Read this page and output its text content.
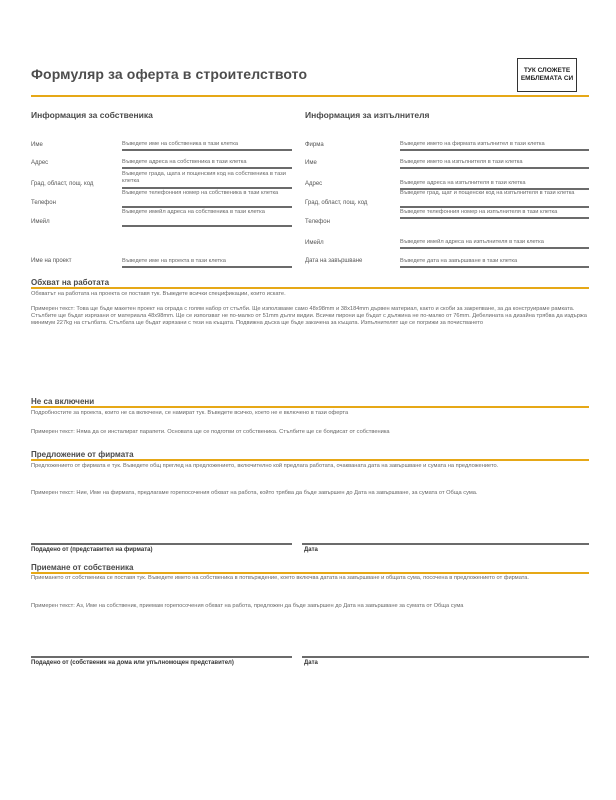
Формуляр за оферта в строителството	ТУК СЛОЖЕТЕ ЕМБЛЕМАТА СИ
Информация за собственика
Име	Въведете име на собственика в тази клетка
Адрес	Въведете адреса на собственика в тази клетка
Град, област, пощ. код
Въведете града, щата и пощенския код на собственика в тази клетка
Телефон
Въведете телефонния номер на собственика в тази клетка
Имейл
Въведете имейл адреса на собственика в тази клетка
Име на проект	Въведете име на проекта в тази клетка
Информация за изпълнителя
Фирма	Въведете името на фирмата изпълнител в тази клетка
Име	Въведете името на изпълнителя в тази клетка
Адрес	Въведете адреса на изпълнителя в тази клетка
Град, област, пощ. код
Въведете град, щат и пощенски код на изпълнителя в тази клетка
Телефон
Въведете телефонния номер на изпълнителя в тази клетка
Имейл	Въведете имейл адреса на изпълнителя в тази клетка
Дата на завършване	Въведете дата на завършване в тази клетка
Обхват на работата
Обхватът на работата на проекта се поставя тук. Въведете всички спецификации, които искате.
Примерен текст: Това ще бъде макетен проект на ограда с голям набор от стълби. Ще използваме само 48x98mm и 38x184mm дървен материал, както и скоби за закрепване, за да конструираме рамката. Стълбите ще бъдат изрязани от материала 48x98mm. Ще се използват не по-малко от 51mm дълги видии. Всички пирони ще бъдат с дължина не по-малко от 76mm. Дебелината на дизайна трябва да издържа минимум 227kg на стълбата. Стълбата ще бъдат изрязани с тези на къщата. Подвижна дъска ще бъде закачена за къщата. Изпълнителят ще се погрижи за почистването
Не са включени
Подробностите за проекта, които не са включени, се намират тук. Въведете всичко, което не е включено в тази оферта
Примерен текст: Няма да се инсталират парапети. Основата ще се подготви от собственика. Стълбите ще се боядисат от собственика
Предложение от фирмата
Предложението от фирмата е тук. Въведете общ преглед на предложението, включително кой предлага работата, очакваната дата на завършване и сумата на предложението.
Примерен текст: Ние, Име на фирмата, предлагаме горепосочения обхват на работа, който трябва да бъде завършен до Дата на завършване, за сумата от Обща сума.
Подадено от (представител на фирмата)	Дата
Приемане от собственика
Приемането от собственика се поставя тук. Въведете името на собственика в потвърждение, което включва датата на завършване и общата сума, посочена в предложението от фирмата.
Примерен текст: Аз, Име на собственик, приемам горепосочения обхват на работа, предложен да бъде завършен до Дата на завършване за сумата от Обща сума
Подадено от (собственик на дома или упълномощен представител)	Дата
